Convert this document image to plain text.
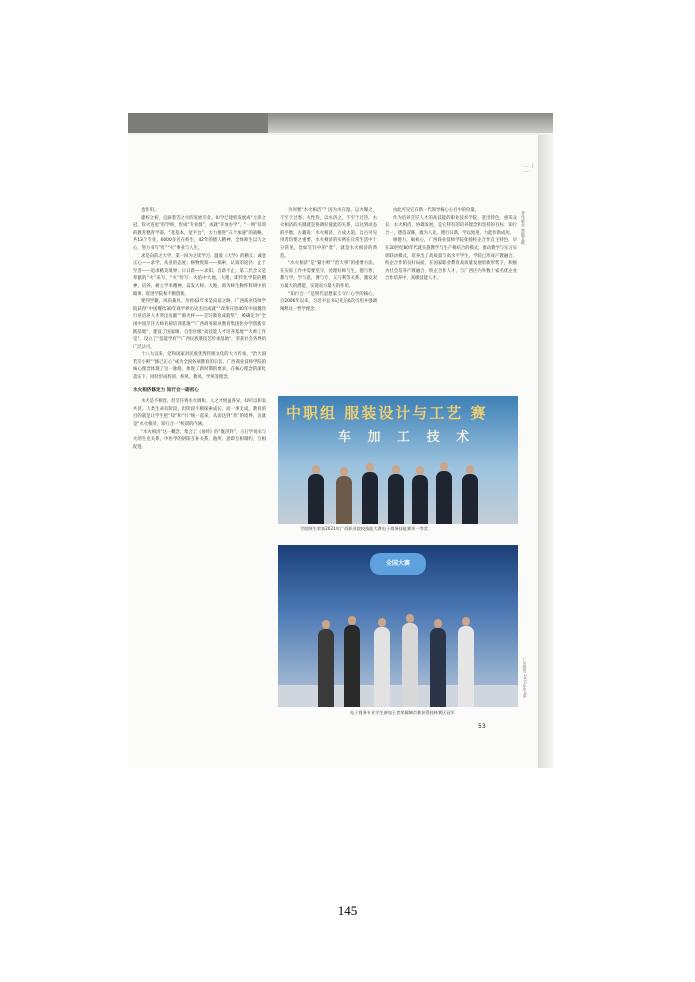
…… | ……

也作用。

建校之初，点滴着雪之火的发展专业。如今已建校发展成“主席之冠，钦火连星”的学校，形成“专业群”，成就“开放办学”，“一网”培训的教育德育学部，“宽基本，宽平台”，大力推进“五个加速”的战略，共13个专业，6000多名在校生，42年的德人精神，全体师生以大之心，努力书写“红”“火”事业与人生。

求是向前之大学，第一回为之读学习，温爱《大学》的精义；诚意正心——求学，从业的态度；格物致知——探索，认知的途径；止于至善——追求精美境界；日日新——求知，自新不止；第二层含义是奉献的“火”来写，“火”传写：火焰中大地，大理，即传化学院的精神，培养，树立学术精神，奋发大师；大地，即为师生胸怀科研中的做事，促进学院和不断创新。

要到学籍，风尚兼具，历经42年求是向前之路，广西商业技师学院获得“中国餐饮30年商学界历史杰出成就”“改革开放40年中国餐饮行业培养人才突出贡献”“薪火杯——烹饪教育成就奖”，被确定为“全国中国烹饪大师名厨培训基地”“广西商务职业教育集团化办学创新实践基地”，建设了国家级、自治区级“高技能人才培养基地”“大师工作室”，设立了“技能学府”“广西民族菜技艺传承基地”，荣获社会各界的广泛认可。

十八大以来，党和国家对民族优秀传统文化的大力传承，“治大国若烹小鲜”“修己正心”成为全国各项教育的宗旨。广西商业技师学院的核心理念体现了这一脉络，体现了新时期的要求，在核心理念的深化落实下，同时形成校训、校风、教风、学风等理念。

水火相济修定力 知行合一砺初心

水火是不相容，但烹饪将水火调和，人之才情虽各异，却可以和衷共济。人类生命有阶段，但阶段不断探索成长，而一事无成，教育的目的就是让学生把“知”和“行”统一起来，从而达到“善”的境界，这就是“水火相济，知行合一”校训的内涵。

“水火相济”这一概念，集合了《易经》的“既济卦”，五行学说水与火的生克关系，中医学的阴阳互补关系，他所，意即互相制约，互相促进。

为何要“水火相济”？因为水在湿，以火曝之，不至于过寒；火性热，以水济之，不至于过热。水火相济的关键就是协调好彼此的关系，以达到动态的平衡，古籍说：水火相济，万成大道，自古可见用者均要之重要，水火相济的实例在日常生活中十分常见，比如烹饪中的“煮”，就是水火相济的典范。

“水火相济”是“紧小鲜”“治大事”的重要方法，在实际工作中需要坚守，处理好师与生，德与智，教与学，学与思，博与专，义与利等关系，激发双方最大的潜能，实现双方最大的作用。

“知行合一”是明代思想家王守仁心学的核心，自2006年以来，习近平总书记先后6次引用并强调阐释这一哲学理念。

由此可见它在新一代领导核心心目中的份量。

作为培养烹饪人才的高技能的职业技术学院，宽出特色，重采众长，水火相济，协调发展，是它特有的培养理念和坚持的目标：知行合一，德技双修，敢为人先，德行日新，学以致用，力能作新成功。

修德力，砺初心，广西商业技师学院张扬校企合作自主特色，早在20世纪80年代就实施教学与生产相结合的模式，推动教学与实习实训联动模式，培养出了高质量与高水平学生，学院已形成产教融合，校企合作的良好局面，在国家职业教育高质量发展的新形势下，积极为社会培养产教融合，校企合作人才，与广西区内外数十家名优企业合作培养中、高级技能人才。

青年职业 智能互联
中职组 服装设计与工艺 赛
车 加 工 技 术
学院师生荣获2021年广西职业院校技能大赛电子商务技能赛项一等奖
全国大赛
电子商务专业学生参加王者荣耀城市赛获得桂林赛区冠军
广西教育 2021年第3期
53
145
